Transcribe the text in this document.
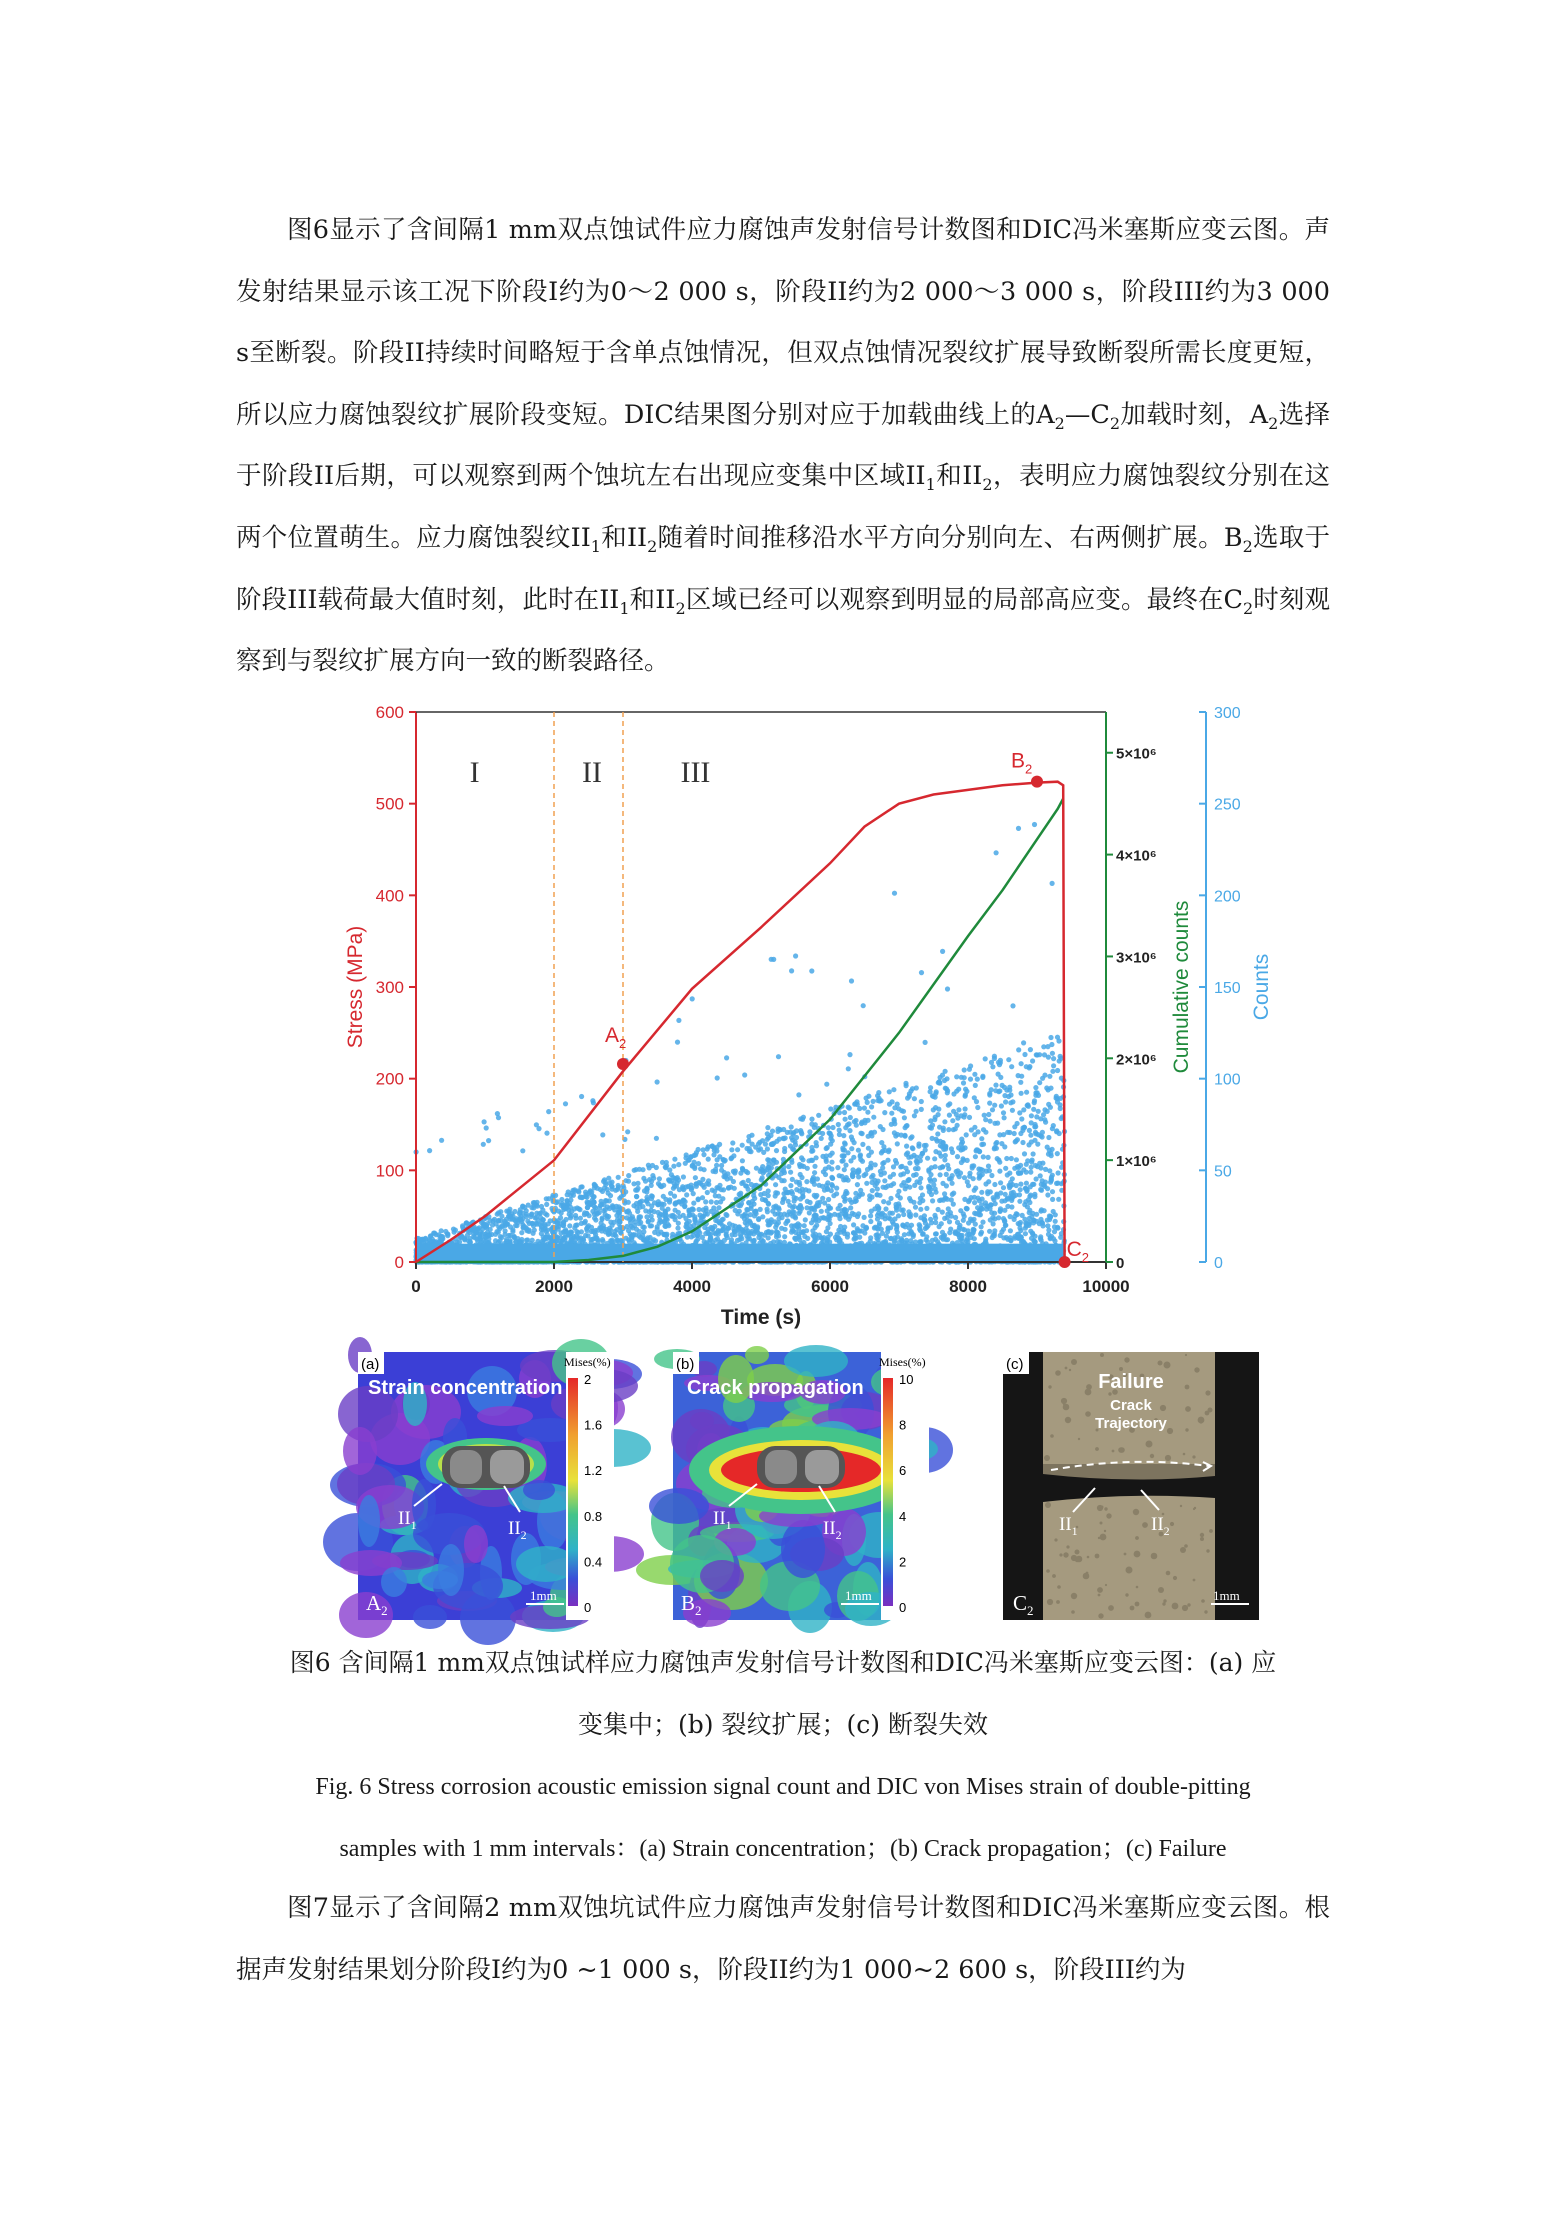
图6显示了含间隔1 mm双点蚀试件应力腐蚀声发射信号计数图和DIC冯米塞斯应变云图。声发射结果显示该工况下阶段I约为0～2 000 s，阶段II约为2 000～3 000 s，阶段III约为3 000 s至断裂。阶段II持续时间略短于含单点蚀情况，但双点蚀情况裂纹扩展导致断裂所需长度更短，所以应力腐蚀裂纹扩展阶段变短。DIC结果图分别对应于加载曲线上的$A_2—C_2$加载时刻，$A_2$选择于阶段II后期，可以观察到两个蚀坑左右出现应变集中区域$II_1$和$II_2$，表明应力腐蚀裂纹分别在这两个位置萌生。应力腐蚀裂纹$II_1$和$II_2$随着时间推移沿水平方向分别向左、右两侧扩展。$B_2$选取于阶段III载荷最大值时刻，此时在$II_1$和$II_2$区域已经可以观察到明显的局部高应变。最终在$C_2$时刻观察到与裂纹扩展方向一致的断裂路径。

I	II	III
0	2000	4000	6000	8000	10000
Time (s)
0
100
200
300
400
500
600
Stress (MPa)
0
1×10⁶
2×10⁶
3×10⁶
4×10⁶
5×10⁶
Cumulative counts
0
50
100
150
200
250
300
Counts
$A_2$
$B_2$
$C_2$
(a)
Strain concentration
Mises(%)
2
1.6
1.2
0.8
0.4
0
$II_1$	$II_2$
$A_2$
1mm
(b)
Crack propagation
Mises(%)
10
8
6
4
2
0
$II_1$	$II_2$
$B_2$
1mm
(c)
Failure
Crack
Trajectory
$II_1$	$II_2$
$C_2$
1mm

图6 含间隔1 mm双点蚀试样应力腐蚀声发射信号计数图和DIC冯米塞斯应变云图：(a) 应

变集中；(b) 裂纹扩展；(c) 断裂失效

Fig. 6 Stress corrosion acoustic emission signal count and DIC von Mises strain of double-pitting

samples with 1 mm intervals：(a) Strain concentration；(b) Crack propagation；(c) Failure

图7显示了含间隔2 mm双蚀坑试件应力腐蚀声发射信号计数图和DIC冯米塞斯应变云图。根据声发射结果划分阶段I约为0 ~1 000 s，阶段II约为1 000~2 600 s，阶段III约为
